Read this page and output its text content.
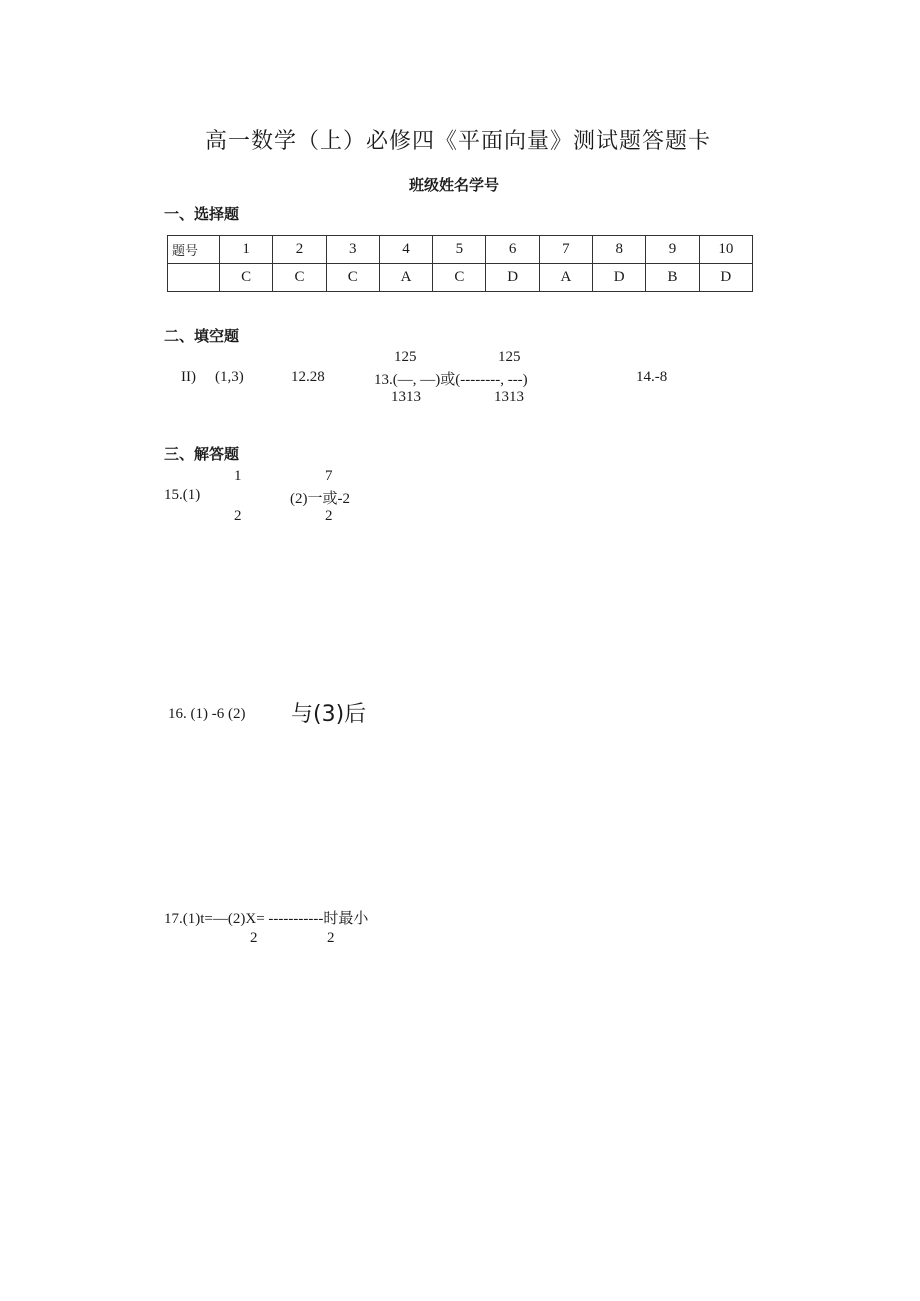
高一数学（上）必修四《平面向量》测试题答题卡
班级姓名学号
一、选择题
题号	1	2	3	4	5	6	7	8	9	10
	C	C	C	A	C	D	A	D	B	D
二、填空题
125	125
II) (1,3)	12.28	13.(—, —)或(--------, ---)	14.-8
1313	1313
三、解答题
1	7
15.(1)	(2)一或-2
2	2
16. (1) -6 (2) 与(3)后
17.(1)t=—(2)X= -----------时最小
2	2
